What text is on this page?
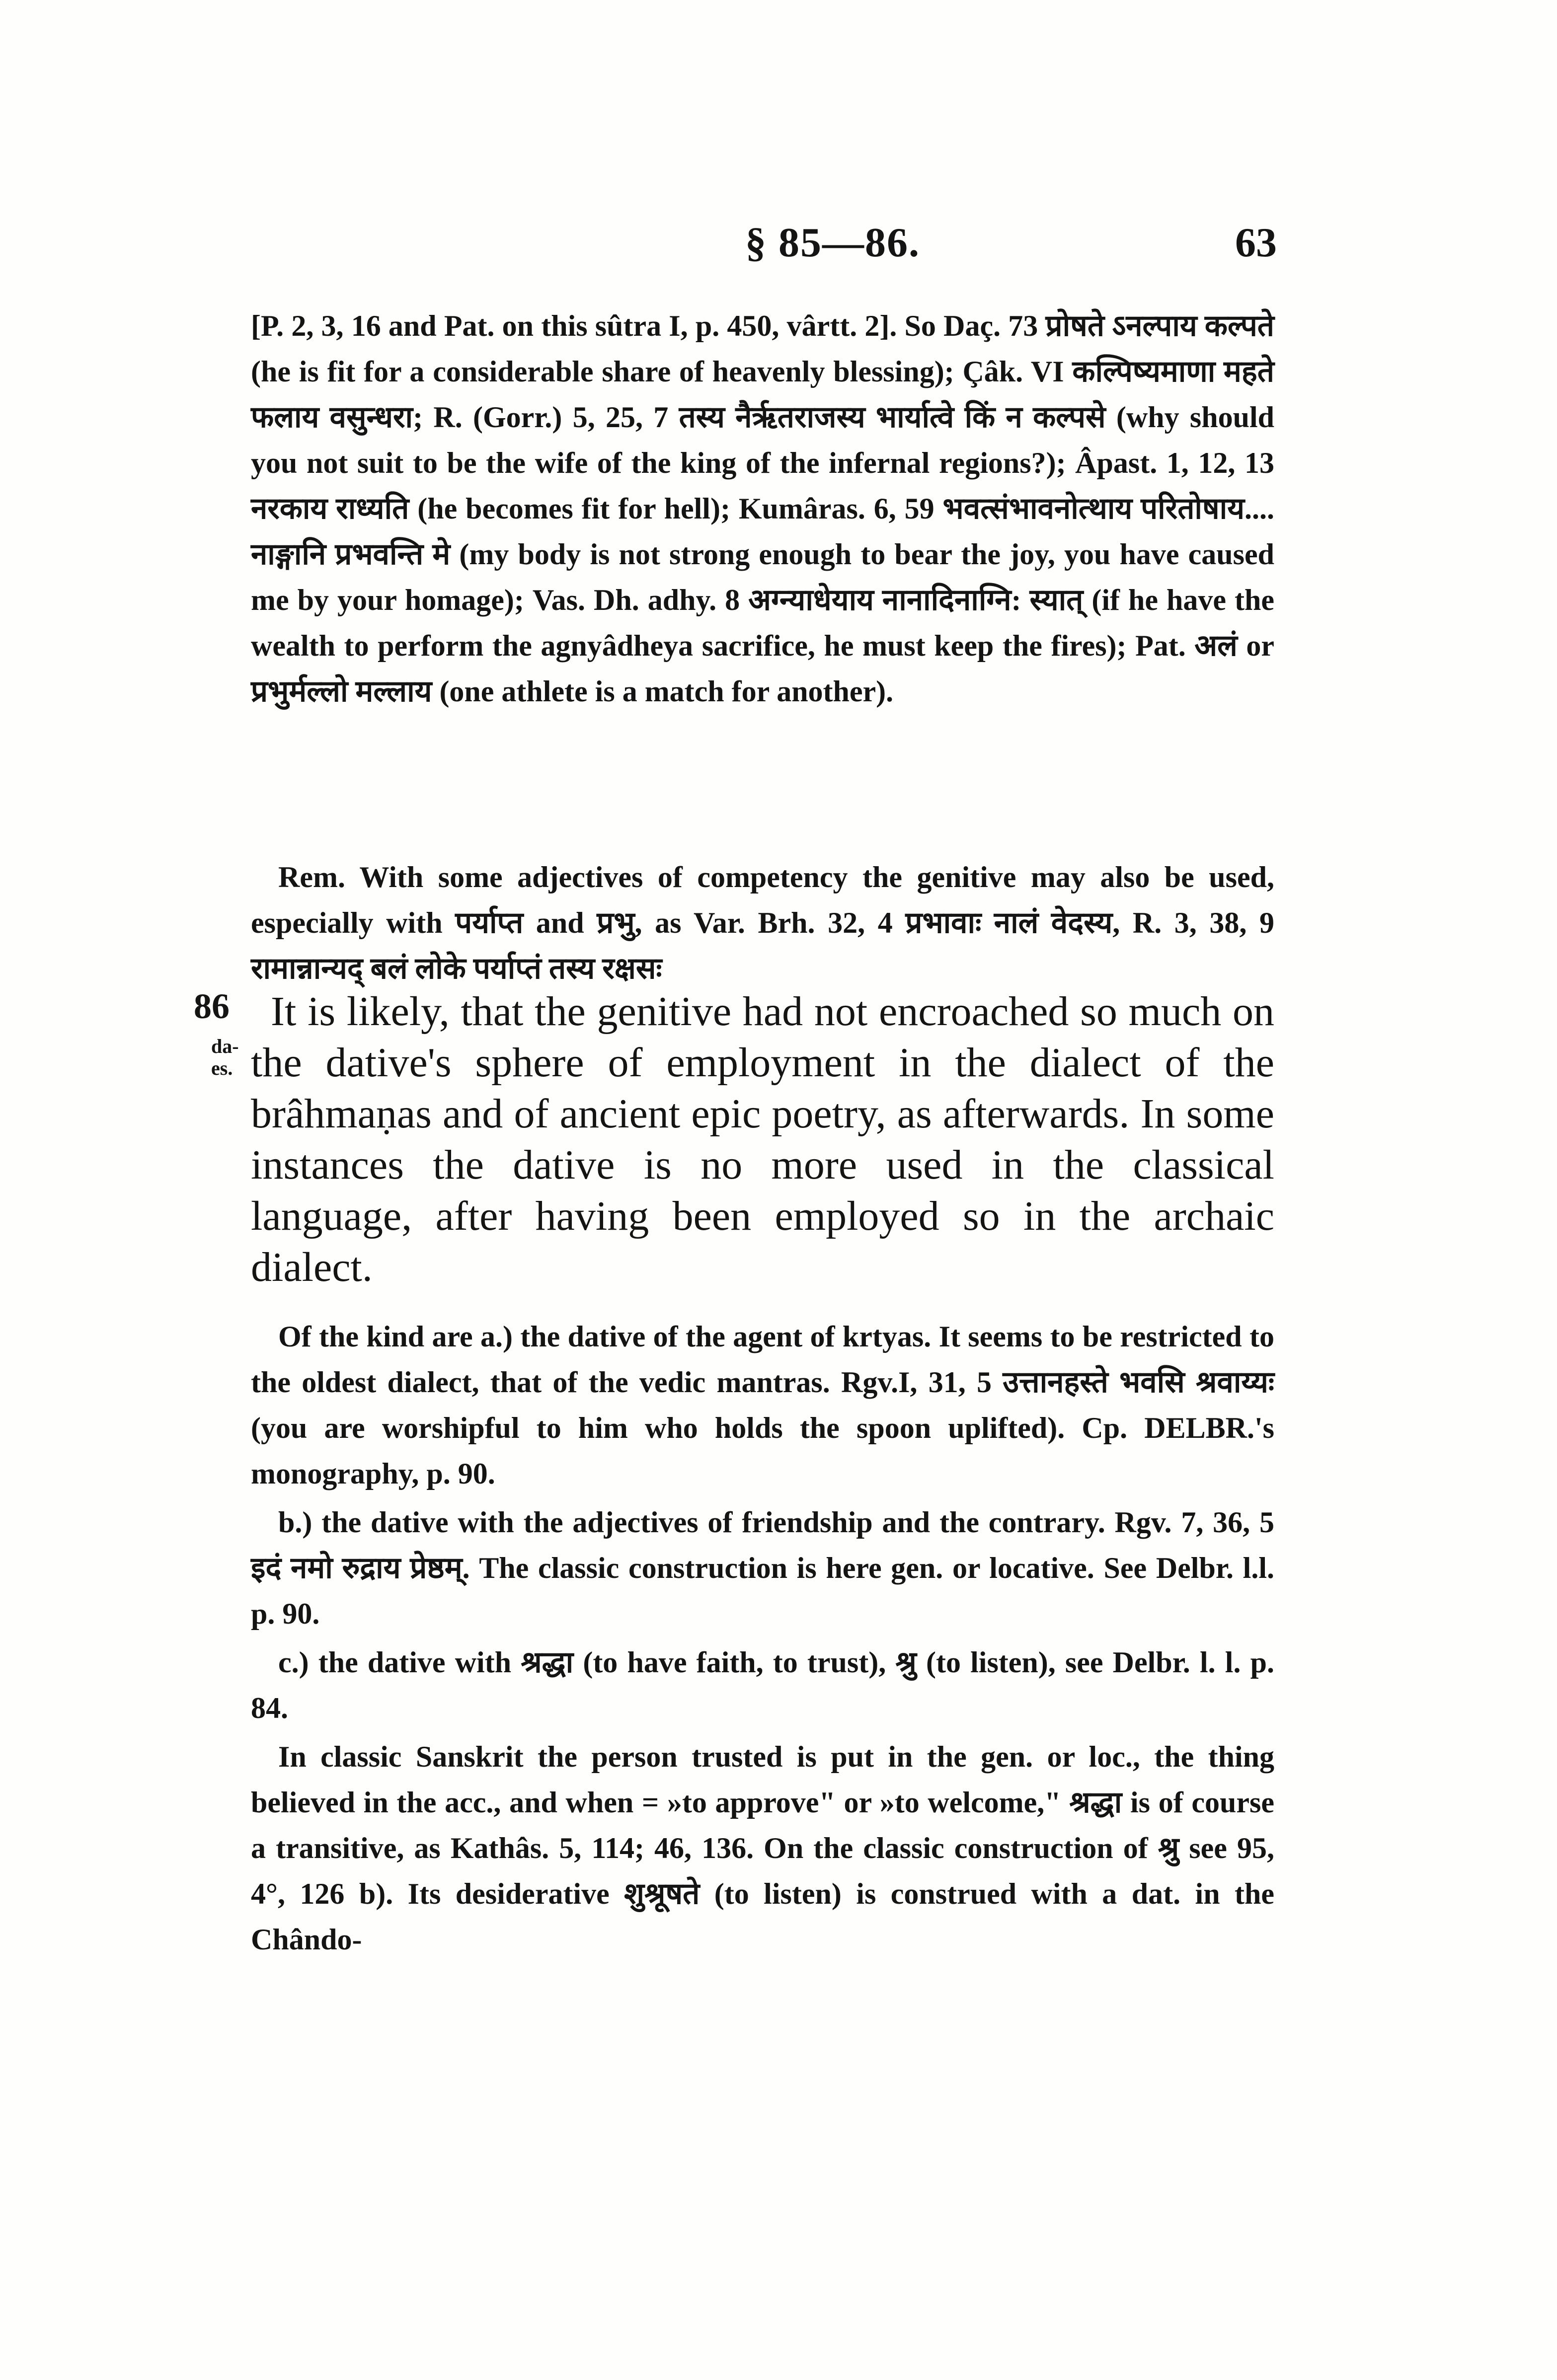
§ 85—86.	63

[P. 2, 3, 16 and Pat. on this sûtra I, p. 450, vârtt. 2]. So Daç. 73 प्रोषते ऽनल्पाय कल्पते (he is fit for a considerable share of heavenly blessing); Çâk. VI कल्पिष्यमाणा महते फलाय वसुन्धरा; R. (Gorr.) 5, 25, 7 तस्य नैर्ऋतराजस्य भार्यात्वे किं न कल्पसे (why should you not suit to be the wife of the king of the infernal regions?); Âpast. 1, 12, 13 नरकाय राध्यति (he becomes fit for hell); Kumâras. 6, 59 भवत्संभावनोत्थाय परितोषाय.... नाङ्गानि प्रभवन्ति मे (my body is not strong enough to bear the joy, you have caused me by your homage); Vas. Dh. adhy. 8 अग्न्याधेयाय नानादिनाग्नि: स्यात् (if he have the wealth to perform the agnyâdheya sacrifice, he must keep the fires); Pat. अलं or प्रभुर्मल्लो मल्लाय (one athlete is a match for another).

Rem. With some adjectives of competency the genitive may also be used, especially with पर्याप्त and प्रभु, as Var. Brh. 32, 4 प्रभावाः नालं वेदस्य, R. 3, 38, 9 रामान्नान्यद् बलं लोके पर्याप्तं तस्य रक्षसः
86
da-
es.
It is likely, that the genitive had not encroached so much on the dative's sphere of employment in the dialect of the brâhmaṇas and of ancient epic poetry, as afterwards. In some instances the dative is no more used in the classical language, after having been employed so in the archaic dialect.

Of the kind are a.) the dative of the agent of krtyas. It seems to be restricted to the oldest dialect, that of the vedic mantras. Rgv.I, 31, 5 उत्तानहस्ते भवसि श्रवाय्यः (you are worshipful to him who holds the spoon uplifted). Cp. DELBR.'s monography, p. 90.

b.) the dative with the adjectives of friendship and the contrary. Rgv. 7, 36, 5 इदं नमो रुद्राय प्रेष्ठम्. The classic construction is here gen. or locative. See Delbr. l.l. p. 90.

c.) the dative with श्रद्धा (to have faith, to trust), श्रु (to listen), see Delbr. l. l. p. 84.

In classic Sanskrit the person trusted is put in the gen. or loc., the thing believed in the acc., and when = »to approve" or »to welcome," श्रद्धा is of course a transitive, as Kathâs. 5, 114; 46, 136. On the classic construction of श्रु see 95, 4°, 126 b). Its desiderative शुश्रूषते (to listen) is construed with a dat. in the Chândo-
